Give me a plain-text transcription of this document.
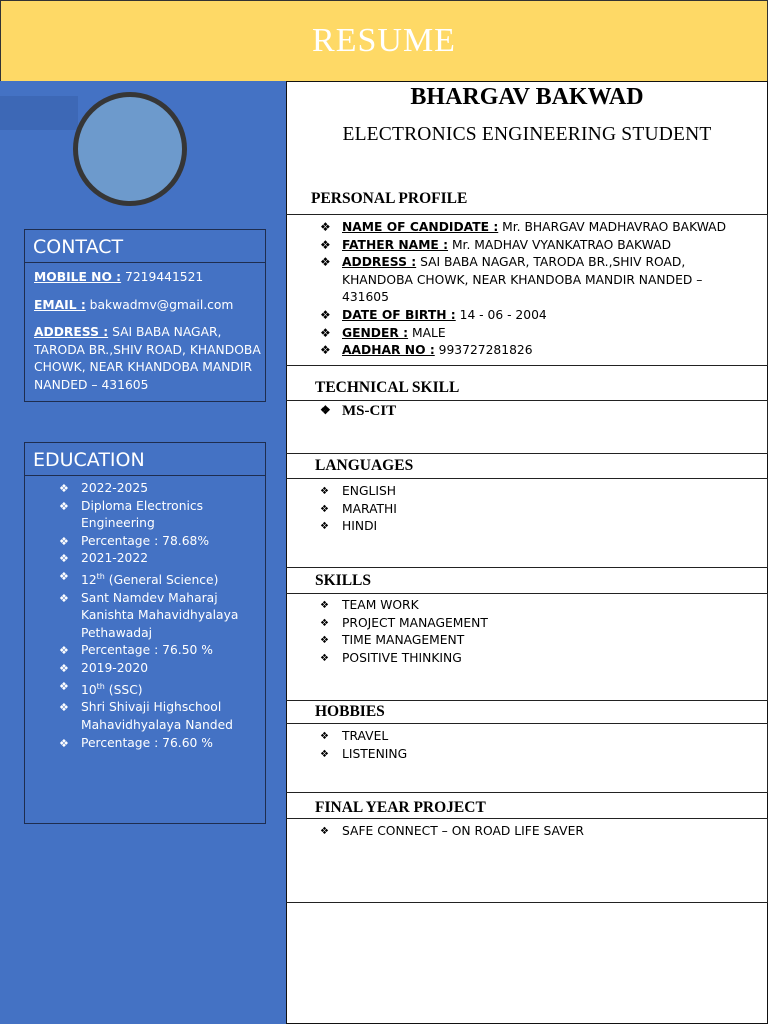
RESUME
CONTACT
MOBILE NO : 7219441521
EMAIL : bakwadmv@gmail.com
ADDRESS : SAI BABA NAGAR, TARODA BR.,SHIV ROAD, KHANDOBA CHOWK, NEAR KHANDOBA MANDIR NANDED – 431605
EDUCATION
❖ 2022-2025
❖ Diploma Electronics Engineering
❖ Percentage : 78.68%
❖ 2021-2022
❖ 12th (General Science)
❖ Sant Namdev Maharaj Kanishta Mahavidhyalaya Pethawadaj
❖ Percentage : 76.50 %
❖ 2019-2020
❖ 10th (SSC)
❖ Shri Shivaji Highschool Mahavidhyalaya Nanded
❖ Percentage : 76.60 %
BHARGAV BAKWAD
ELECTRONICS ENGINEERING STUDENT
PERSONAL PROFILE
❖ NAME OF CANDIDATE : Mr. BHARGAV MADHAVRAO BAKWAD
❖ FATHER NAME : Mr. MADHAV VYANKATRAO BAKWAD
❖ ADDRESS : SAI BABA NAGAR, TARODA BR.,SHIV ROAD, KHANDOBA CHOWK, NEAR KHANDOBA MANDIR NANDED – 431605
❖ DATE OF BIRTH : 14 - 06 - 2004
❖ GENDER : MALE
❖ AADHAR NO : 993727281826
TECHNICAL SKILL
❖ MS-CIT
LANGUAGES
❖ ENGLISH
❖ MARATHI
❖ HINDI
SKILLS
❖ TEAM WORK
❖ PROJECT MANAGEMENT
❖ TIME MANAGEMENT
❖ POSITIVE THINKING
HOBBIES
❖ TRAVEL
❖ LISTENING
FINAL YEAR PROJECT
❖ SAFE CONNECT – ON ROAD LIFE SAVER
